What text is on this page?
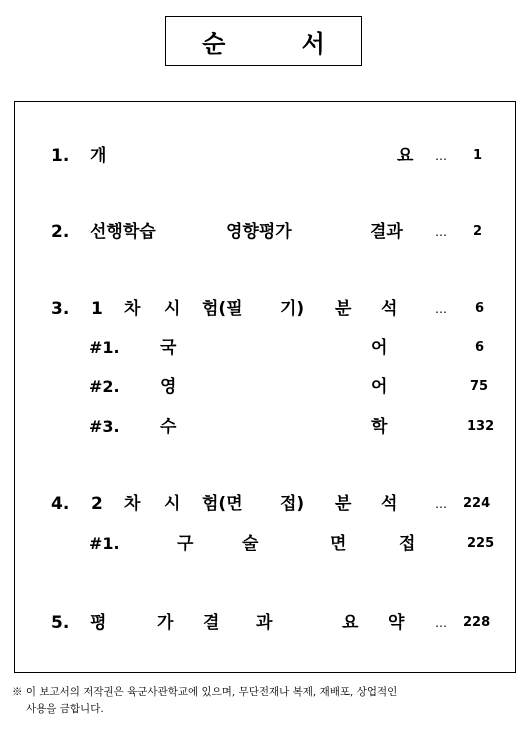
순 서
1. 개	요 … 1
2. 선행학습	영향평가	결과	… 2
3. 1 차 시 험(필 기) 분 석	… 6
#1. 국	어	6
#2. 영	어	75
#3. 수	학	132
4. 2 차 시 험(면 접) 분 석	… 224
#1.	구	술	면	접	225
5. 평	가 결 과	요 약	… 228
※ 이 보고서의 저작권은 육군사관학교에 있으며, 무단전재나 복제, 재배포, 상업적인
사용을 금합니다.
